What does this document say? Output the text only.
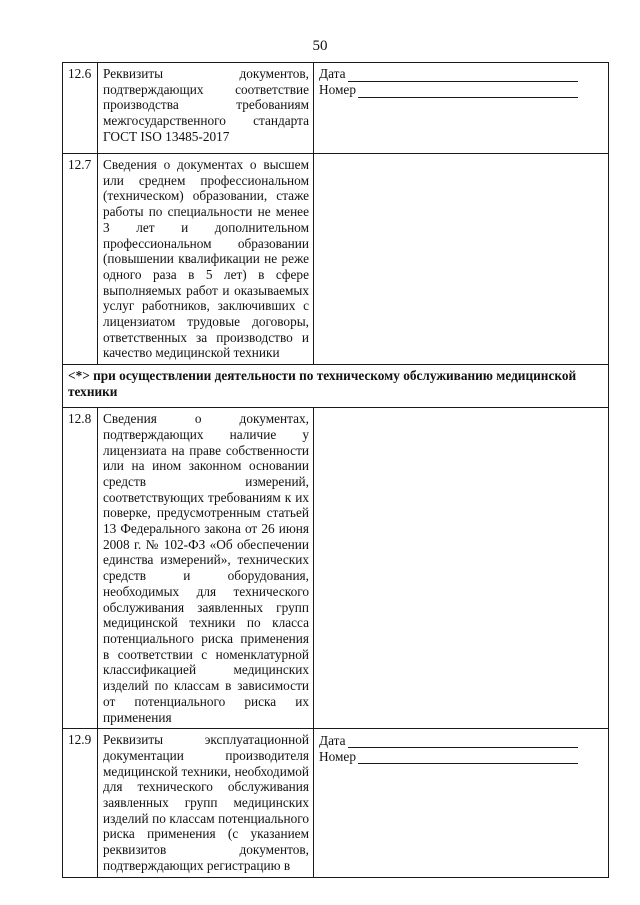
50
12.6	Реквизиты документов, подтверждающих соответствие производства требованиям межгосударственного стандарта ГОСТ ISO 13485-2017	Дата
Номер

12.7	Сведения о документах о высшем или среднем профессиональном (техническом) образовании, стаже работы по специальности не менее 3 лет и дополнительном профессиональном образовании (повышении квалификации не реже одного раза в 5 лет) в сфере выполняемых работ и оказываемых услуг работников, заключивших с лицензиатом трудовые договоры, ответственных за производство и качество медицинской техники	
<*> при осуществлении деятельности по техническому обслуживанию медицинской техники		
12.8	Сведения о документах, подтверждающих наличие у лицензиата на праве собственности или на ином законном основании средств измерений, соответствующих требованиям к их поверке, предусмотренным статьей 13 Федерального закона от 26 июня 2008 г. № 102-ФЗ «Об обеспечении единства измерений», технических средств и оборудования, необходимых для технического обслуживания заявленных групп медицинской техники по класса потенциального риска применения в соответствии с номенклатурной классификацией медицинских изделий по классам в зависимости от потенциального риска их применения	
12.9	Реквизиты эксплуатационной документации производителя медицинской техники, необходимой для технического обслуживания заявленных групп медицинских изделий по классам потенциального риска применения (с указанием реквизитов документов, подтверждающих регистрацию в	Дата
Номер
